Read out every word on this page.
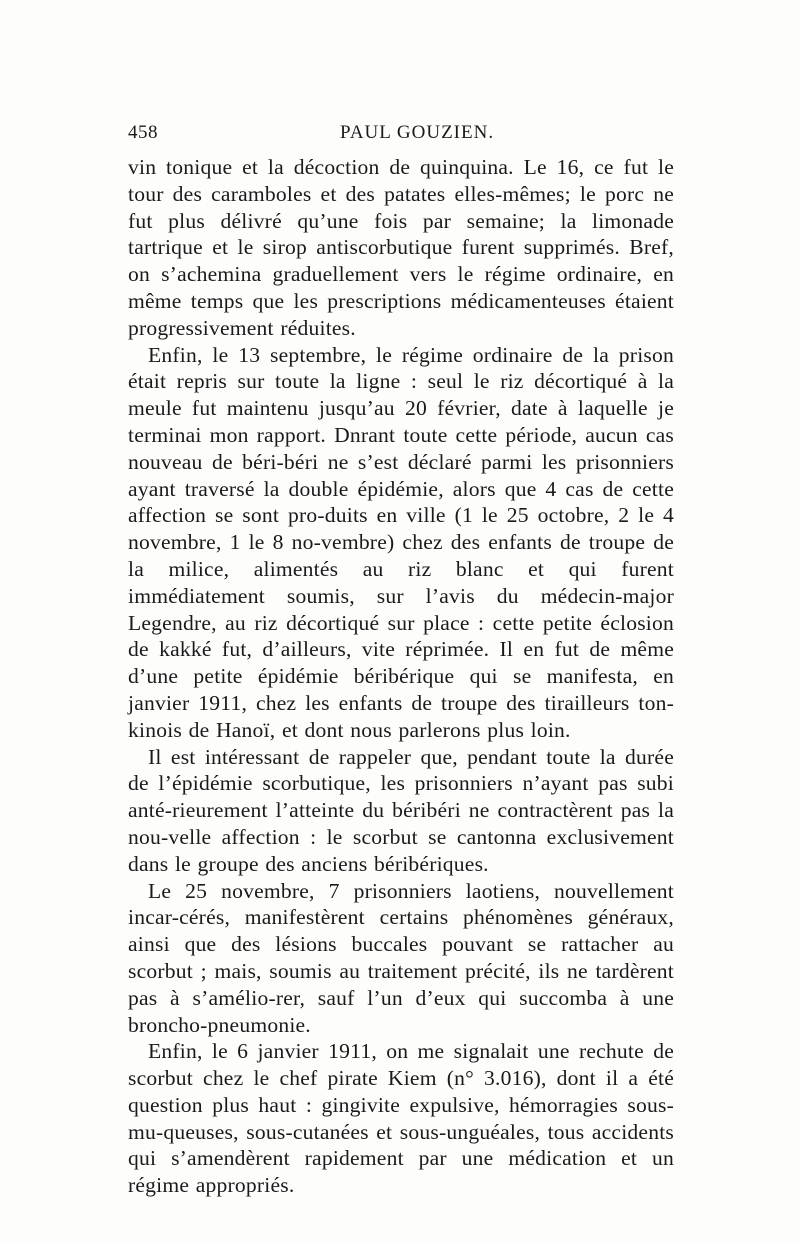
458	PAUL GOUZIEN.

vin tonique et la décoction de quinquina. Le 16, ce fut le tour des caramboles et des patates elles-mêmes; le porc ne fut plus délivré qu’une fois par semaine; la limonade tartrique et le sirop antiscorbutique furent supprimés. Bref, on s’achemina graduellement vers le régime ordinaire, en même temps que les prescriptions médicamenteuses étaient progressivement réduites.

Enfin, le 13 septembre, le régime ordinaire de la prison était repris sur toute la ligne : seul le riz décortiqué à la meule fut maintenu jusqu’au 20 février, date à laquelle je terminai mon rapport. Dnrant toute cette période, aucun cas nouveau de béri-béri ne s’est déclaré parmi les prisonniers ayant traversé la double épidémie, alors que 4 cas de cette affection se sont pro-duits en ville (1 le 25 octobre, 2 le 4 novembre, 1 le 8 no-vembre) chez des enfants de troupe de la milice, alimentés au riz blanc et qui furent immédiatement soumis, sur l’avis du médecin-major Legendre, au riz décortiqué sur place : cette petite éclosion de kakké fut, d’ailleurs, vite réprimée. Il en fut de même d’une petite épidémie béribérique qui se manifesta, en janvier 1911, chez les enfants de troupe des tirailleurs ton-kinois de Hanoï, et dont nous parlerons plus loin.

Il est intéressant de rappeler que, pendant toute la durée de l’épidémie scorbutique, les prisonniers n’ayant pas subi anté-rieurement l’atteinte du béribéri ne contractèrent pas la nou-velle affection : le scorbut se cantonna exclusivement dans le groupe des anciens béribériques.

Le 25 novembre, 7 prisonniers laotiens, nouvellement incar-cérés, manifestèrent certains phénomènes généraux, ainsi que des lésions buccales pouvant se rattacher au scorbut ; mais, soumis au traitement précité, ils ne tardèrent pas à s’amélio-rer, sauf l’un d’eux qui succomba à une broncho-pneumonie.

Enfin, le 6 janvier 1911, on me signalait une rechute de scorbut chez le chef pirate Kiem (n° 3.016), dont il a été question plus haut : gingivite expulsive, hémorragies sous-mu-queuses, sous-cutanées et sous-unguéales, tous accidents qui s’amendèrent rapidement par une médication et un régime appropriés.
